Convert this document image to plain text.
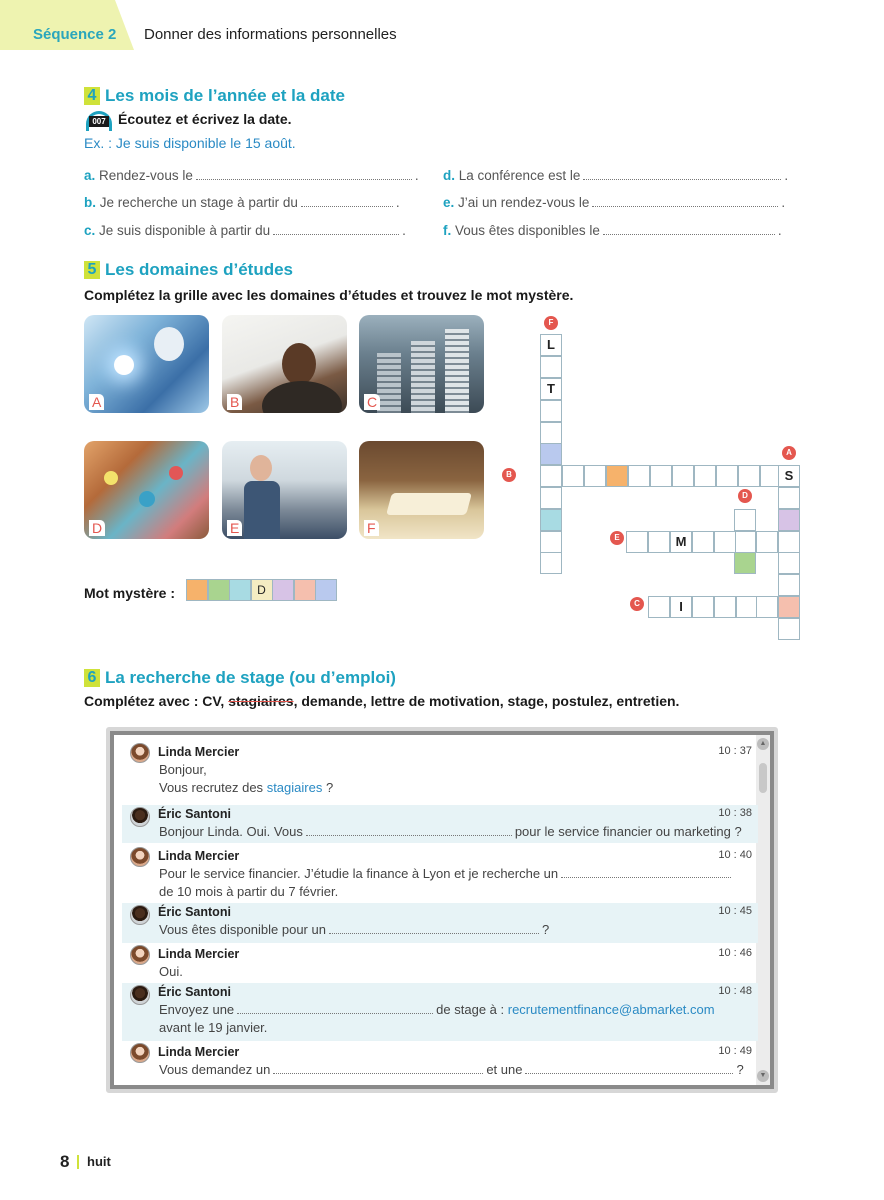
Séquence 2 Donner des informations personnelles
4 Les mois de l’année et la date
007 Écoutez et écrivez la date.
Ex. : Je suis disponible le 15 août.
a. Rendez-vous le	.
b. Je recherche un stage à partir du	.
c. Je suis disponible à partir du	.
d. La conférence est le	.
e. J’ai un rendez-vous le	.
f. Vous êtes disponibles le	.
5 Les domaines d’études
Complétez la grille avec les domaines d’études et trouvez le mot mystère.
A	B	C
D	E	F
L
T
S
M
I
F
A
B
D
E
C
Mot mystère :	D
6 La recherche de stage (ou d’emploi)
Complétez avec : CV, stagiaires, demande, lettre de motivation, stage, postulez, entretien.
▲
▼
Linda Mercier	10 : 37
Bonjour,
Vous recrutez des stagiaires ?
Éric Santoni	10 : 38
Bonjour Linda. Oui. Vous	pour le service financier ou marketing ?
Linda Mercier	10 : 40
Pour le service financier. J’étudie la finance à Lyon et je recherche un
de 10 mois à partir du 7 février.
Éric Santoni	10 : 45
Vous êtes disponible pour un	?
Linda Mercier	10 : 46
Oui.
Éric Santoni	10 : 48
Envoyez une	de stage à : recrutementfinance@abmarket.com
avant le 19 janvier.
Linda Mercier	10 : 49
Vous demandez un	et une	?
8 huit
